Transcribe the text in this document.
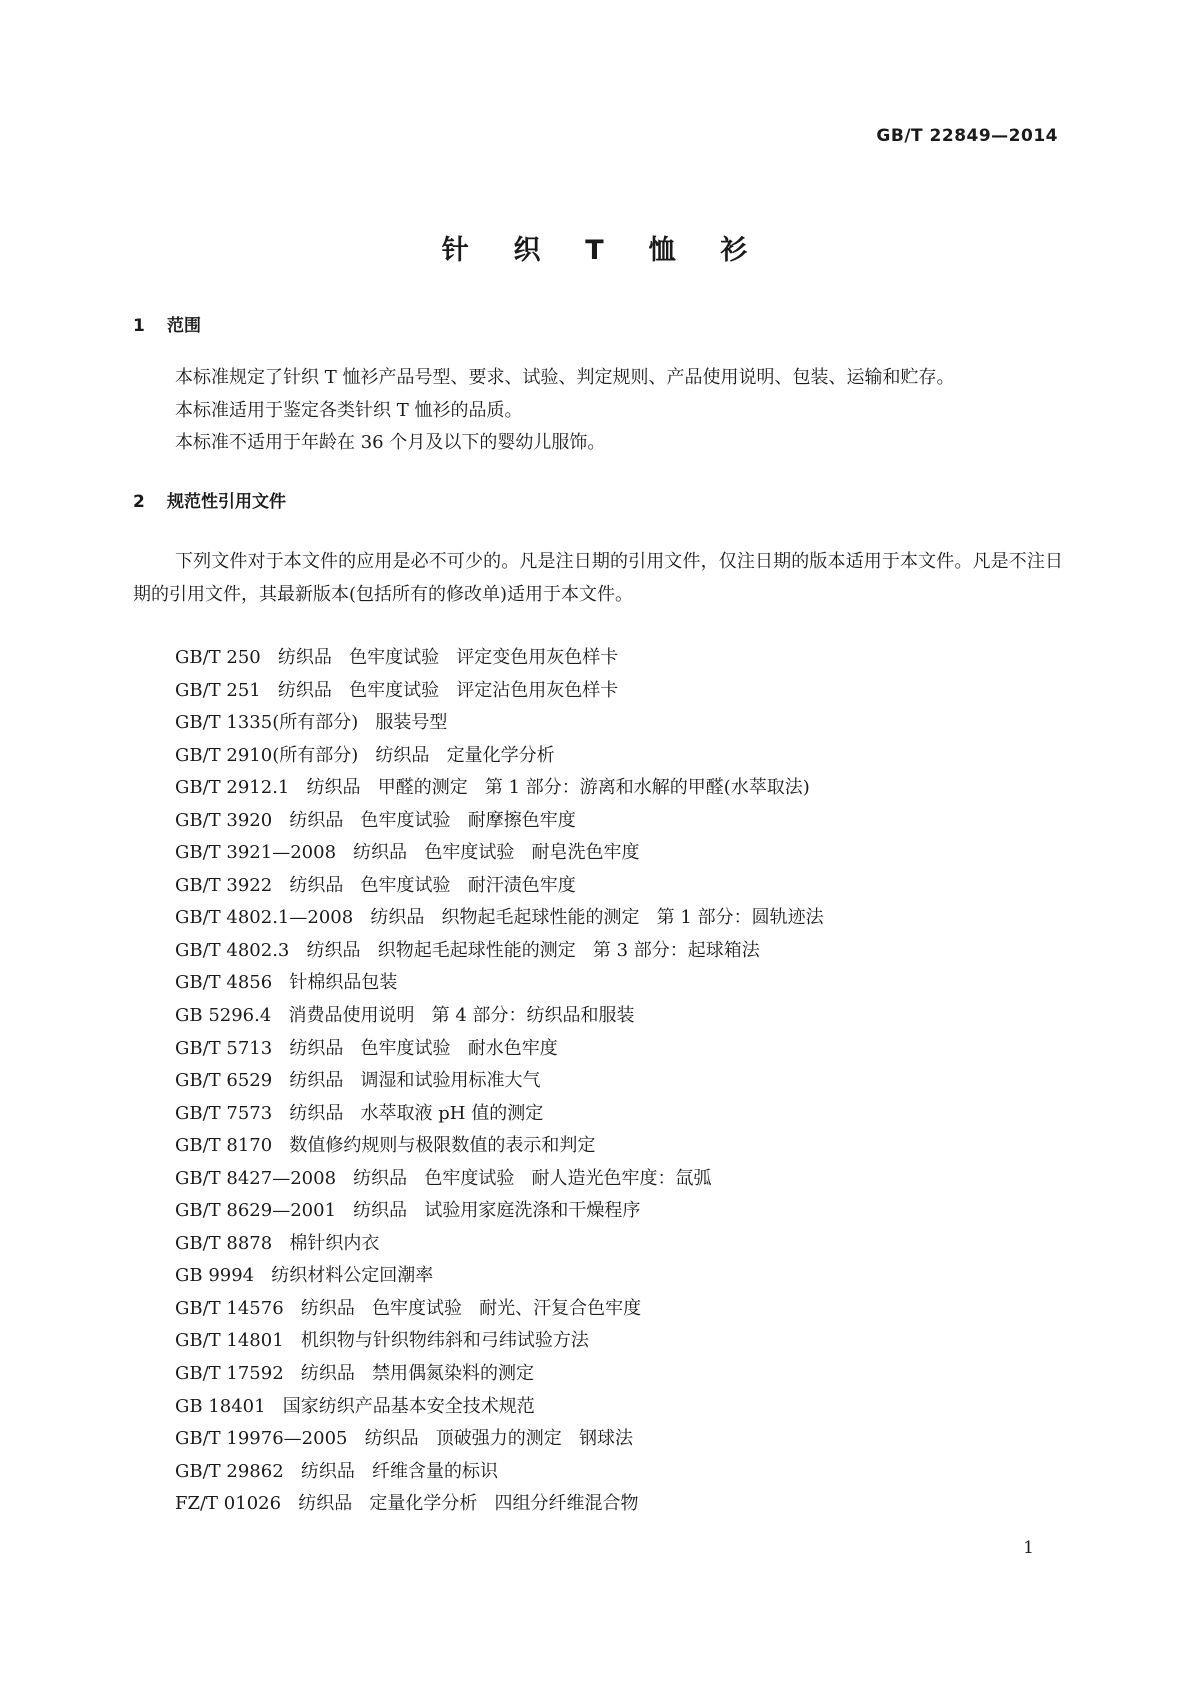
GB/T 22849—2014
针  织  T  恤  衫
1 范围

本标准规定了针织 T 恤衫产品号型、要求、试验、判定规则、产品使用说明、包装、运输和贮存。

本标准适用于鉴定各类针织 T 恤衫的品质。

本标准不适用于年龄在 36 个月及以下的婴幼儿服饰。

2 规范性引用文件

下列文件对于本文件的应用是必不可少的。凡是注日期的引用文件，仅注日期的版本适用于本文件。凡是不注日期的引用文件，其最新版本(包括所有的修改单)适用于本文件。

GB/T 250   纺织品   色牢度试验   评定变色用灰色样卡
GB/T 251   纺织品   色牢度试验   评定沾色用灰色样卡
GB/T 1335(所有部分)   服装号型
GB/T 2910(所有部分)   纺织品   定量化学分析
GB/T 2912.1   纺织品   甲醛的测定   第 1 部分：游离和水解的甲醛(水萃取法)
GB/T 3920   纺织品   色牢度试验   耐摩擦色牢度
GB/T 3921—2008   纺织品   色牢度试验   耐皂洗色牢度
GB/T 3922   纺织品   色牢度试验   耐汗渍色牢度
GB/T 4802.1—2008   纺织品   织物起毛起球性能的测定   第 1 部分：圆轨迹法
GB/T 4802.3   纺织品   织物起毛起球性能的测定   第 3 部分：起球箱法
GB/T 4856   针棉织品包装
GB 5296.4   消费品使用说明   第 4 部分：纺织品和服装
GB/T 5713   纺织品   色牢度试验   耐水色牢度
GB/T 6529   纺织品   调湿和试验用标准大气
GB/T 7573   纺织品   水萃取液 pH 值的测定
GB/T 8170   数值修约规则与极限数值的表示和判定
GB/T 8427—2008   纺织品   色牢度试验   耐人造光色牢度：氙弧
GB/T 8629—2001   纺织品   试验用家庭洗涤和干燥程序
GB/T 8878   棉针织内衣
GB 9994   纺织材料公定回潮率
GB/T 14576   纺织品   色牢度试验   耐光、汗复合色牢度
GB/T 14801   机织物与针织物纬斜和弓纬试验方法
GB/T 17592   纺织品   禁用偶氮染料的测定
GB 18401   国家纺织产品基本安全技术规范
GB/T 19976—2005   纺织品   顶破强力的测定   钢球法
GB/T 29862   纺织品   纤维含量的标识
FZ/T 01026   纺织品   定量化学分析   四组分纤维混合物
1
